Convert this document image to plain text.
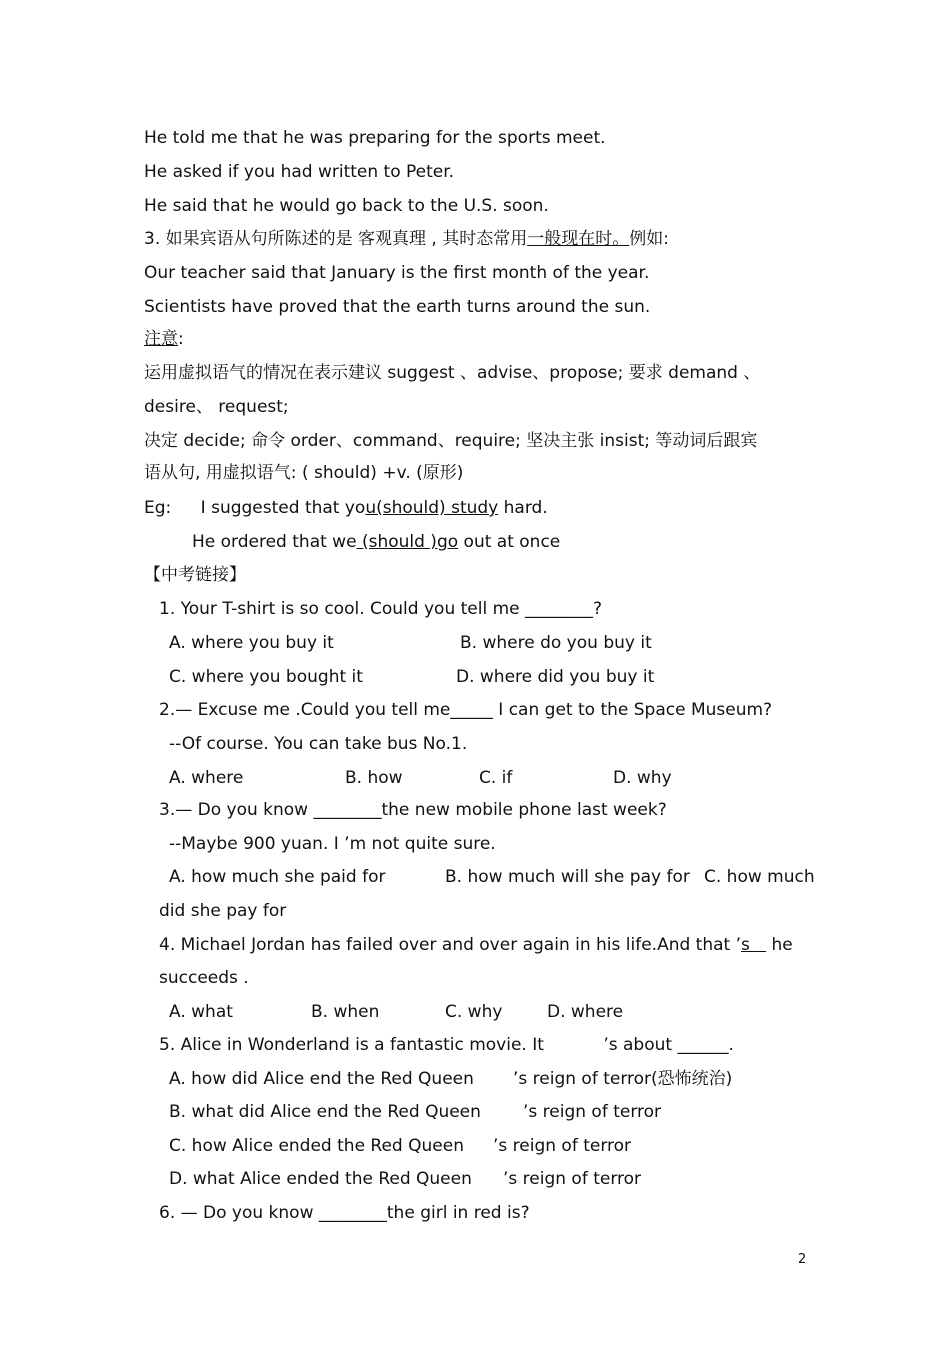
He told me that he was preparing for the sports meet.
He asked if you had written to Peter.
He said that he would go back to the U.S. soon.
3. 如果宾语从句所陈述的是 客观真理 , 其时态常用一般现在时。例如:
Our teacher said that January is the first month of the year.
Scientists have proved that the earth turns around the sun.
注意:
运用虚拟语气的情况在表示建议 suggest 、advise、propose; 要求 demand 、
desire、 request;
决定 decide; 命令 order、command、require; 坚决主张 insist; 等动词后跟宾
语从句, 用虚拟语气: ( should) +v. (原形)
Eg: I suggested that you(should) study hard.
He ordered that we (should )go out at once
【中考链接】
1. Your T-shirt is so cool. Could you tell me ________?
A. where you buy it	B. where do you buy it
C. where you bought it	D. where did you buy it
2.— Excuse me .Could you tell me_____ I can get to the Space Museum?
--Of course. You can take bus No.1.
A. where	B. how	C. if	D. why
3.— Do you know ________the new mobile phone last week?
--Maybe 900 yuan. I ’m not quite sure.
A. how much she paid for	B. how much will she pay for C. how much
did she pay for
4. Michael Jordan has failed over and over again in his life.And that ’s    he
succeeds .
A. what	B. when	C. why	D. where
5. Alice in Wonderland is a fantastic movie. It           ’s about ______.
A. how did Alice end the Red Queen ’s reign of terror(恐怖统治)
B. what did Alice end the Red Queen ’s reign of terror
C. how Alice ended the Red Queen ’s reign of terror
D. what Alice ended the Red Queen ’s reign of terror
6. — Do you know ________the girl in red is?
2
